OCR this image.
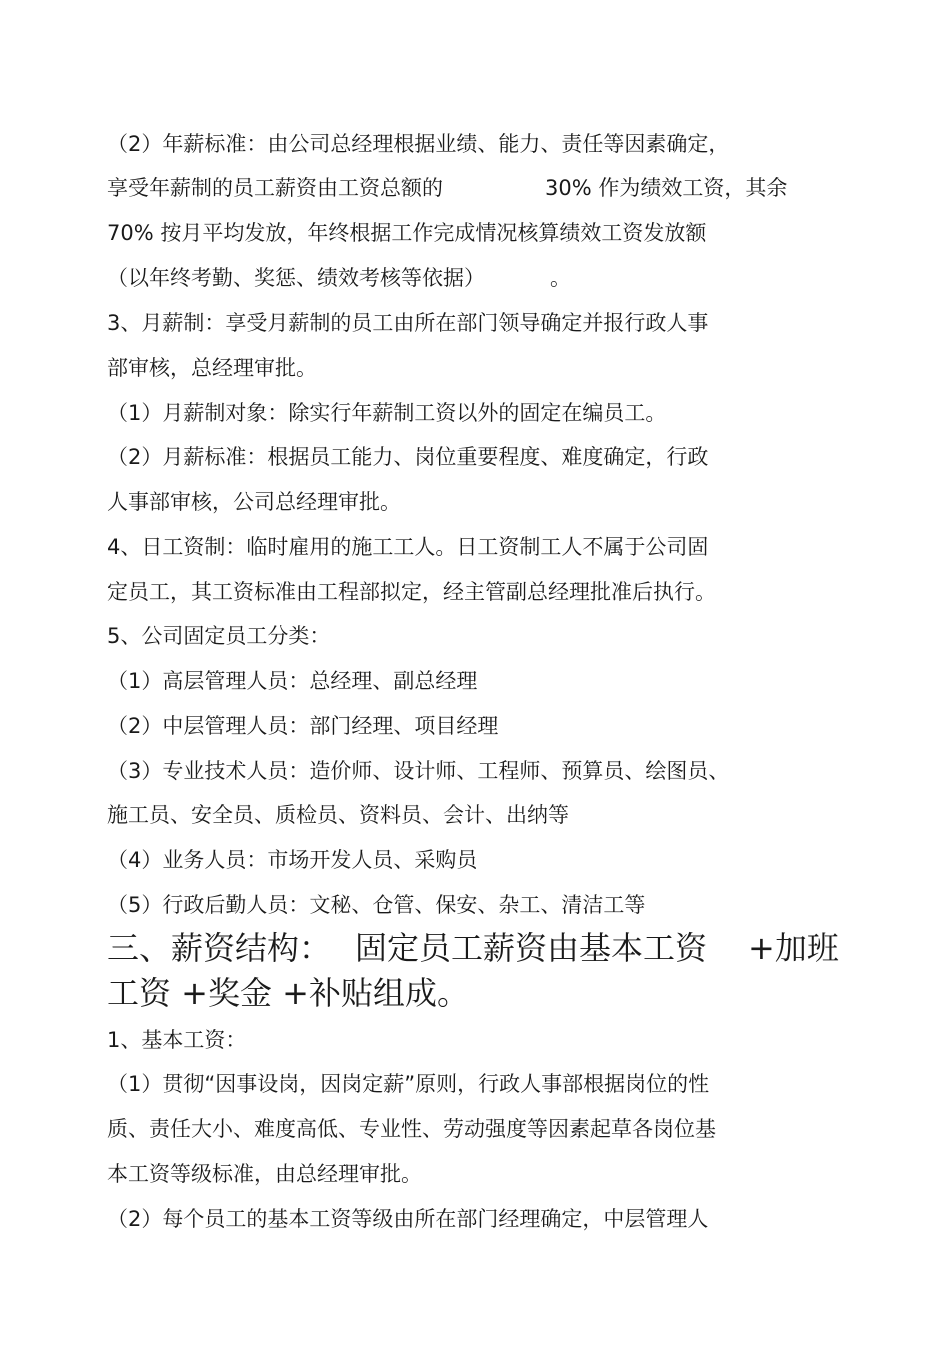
（2）年薪标准：由公司总经理根据业绩、能力、责任等因素确定，
享受年薪制的员工薪资由工资总额的	30% 作为绩效工资，其余
70% 按月平均发放，年终根据工作完成情况核算绩效工资发放额
（以年终考勤、奖惩、绩效考核等依据）	。
3、月薪制：享受月薪制的员工由所在部门领导确定并报行政人事
部审核，总经理审批。
（1）月薪制对象：除实行年薪制工资以外的固定在编员工。
（2）月薪标准：根据员工能力、岗位重要程度、难度确定，行政
人事部审核，公司总经理审批。
4、日工资制：临时雇用的施工工人。日工资制工人不属于公司固
定员工，其工资标准由工程部拟定，经主管副总经理批准后执行。
5、公司固定员工分类：
（1）高层管理人员：总经理、副总经理
（2）中层管理人员：部门经理、项目经理
（3）专业技术人员：造价师、设计师、工程师、预算员、绘图员、
施工员、安全员、质检员、资料员、会计、出纳等
（4）业务人员：市场开发人员、采购员
（5）行政后勤人员：文秘、仓管、保安、杂工、清洁工等
三、薪资结构： 固定员工薪资由基本工资 +加班
工资 +奖金 +补贴组成。
1、基本工资：
（1）贯彻“因事设岗，因岗定薪”原则，行政人事部根据岗位的性
质、责任大小、难度高低、专业性、劳动强度等因素起草各岗位基
本工资等级标准，由总经理审批。
（2）每个员工的基本工资等级由所在部门经理确定，中层管理人
